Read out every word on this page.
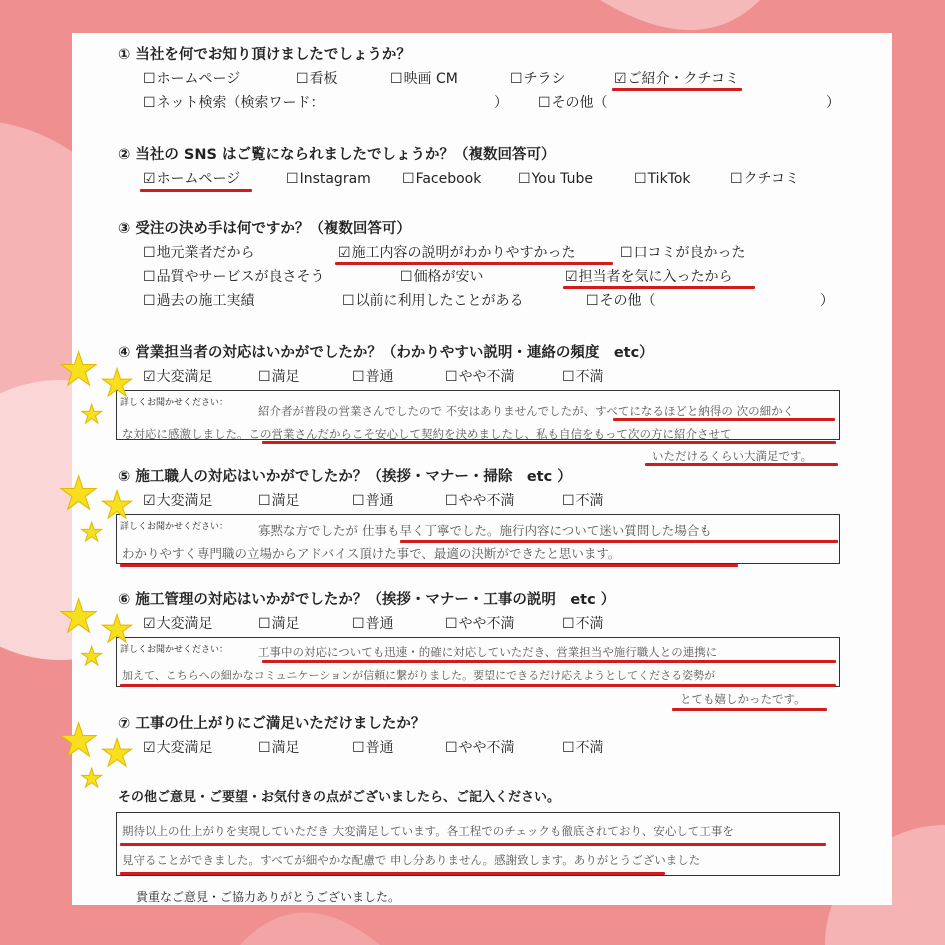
① 当社を何でお知り頂けましたでしょうか？
☐ ホームページ	☐ 看板	☐ 映画 CM	☐ チラシ	☑ ご紹介・クチコミ
☐ ネット検索（検索ワード：	）	☐ その他（	）
② 当社の SNS はご覧になられましたでしょうか？（複数回答可）
☑ ホームページ	☐ Instagram	☐ Facebook	☐ You Tube	☐ TikTok	☐ クチコミ
③ 受注の決め手は何ですか？（複数回答可）
☐ 地元業者だから	☑ 施工内容の説明がわかりやすかった	☐ 口コミが良かった
☐ 品質やサービスが良さそう	☐ 価格が安い	☑ 担当者を気に入ったから
☐ 過去の施工実績	☐ 以前に利用したことがある	☐ その他（	）
④ 営業担当者の対応はいかがでしたか？（わかりやすい説明・連絡の頻度　etc）
☑ 大変満足	☐ 満足	☐ 普通	☐ やや不満	☐ 不満
詳しくお聞かせください：
紹介者が普段の営業さんでしたので 不安はありませんでしたが、すべてになるほどと納得の 次の細かく
な対応に感激しました。この営業さんだからこそ安心して契約を決めましたし、私も自信をもって次の方に紹介させて
いただけるくらい大満足です。
⑤ 施工職人の対応はいかがでしたか？（挨拶・マナー・掃除　etc ）
☑ 大変満足	☐ 満足	☐ 普通	☐ やや不満	☐ 不満
詳しくお聞かせください： 寡黙な方でしたが 仕事も早く丁寧でした。施行内容について迷い質問した場合も
わかりやすく専門職の立場からアドバイス頂けた事で、最適の決断ができたと思います。
⑥ 施工管理の対応はいかがでしたか？（挨拶・マナー・工事の説明　etc ）
☑ 大変満足	☐ 満足	☐ 普通	☐ やや不満	☐ 不満
詳しくお聞かせください：	工事中の対応についても迅速・的確に対応していただき、営業担当や施行職人との連携に
加えて、こちらへの細かなコミュニケーションが信頼に繋がりました。要望にできるだけ応えようとしてくださる姿勢が
とても嬉しかったです。
⑦ 工事の仕上がりにご満足いただけましたか？
☑ 大変満足	☐ 満足	☐ 普通	☐ やや不満	☐ 不満
その他ご意見・ご要望・お気付きの点がございましたら、ご記入ください。
期待以上の仕上がりを実現していただき 大変満足しています。各工程でのチェックも徹底されており、安心して工事を
見守ることができました。すべてが細やかな配慮で 申し分ありません。感謝致します。ありがとうございました
貴重なご意見・ご協力ありがとうございました。
★ ★
★
★ ★
★
★ ★
★
★ ★
★
